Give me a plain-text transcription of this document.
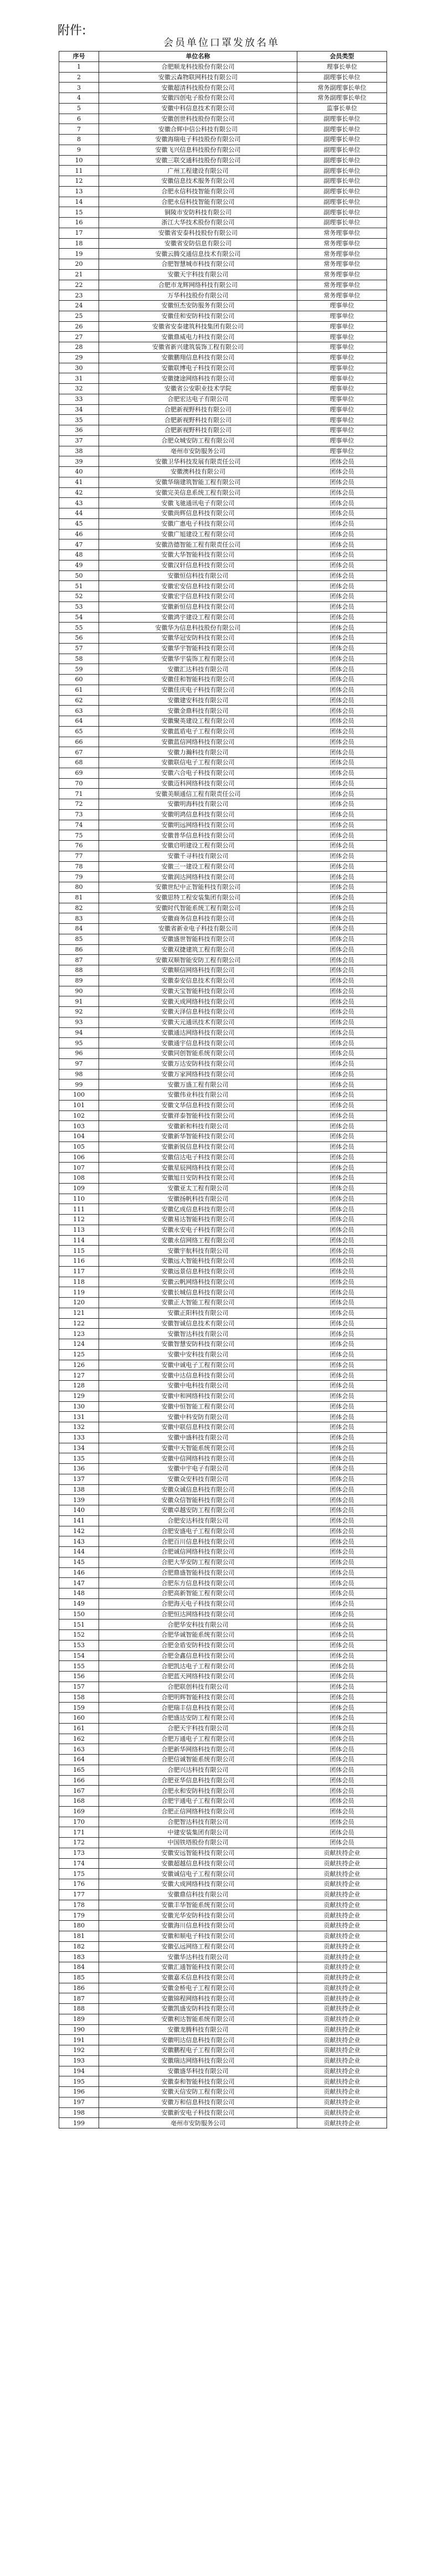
附件:
会员单位口罩发放名单
序号	单位名称	会员类型
1	合肥顺龙科技股份有限公司	理事长单位
2	安徽云森物联网科技有限公司	副理事长单位
3	安徽超清科技股份有限公司	常务副理事长单位
4	安徽四创电子股份有限公司	常务副理事长单位
5	安徽中科信息技术有限公司	监事长单位
6	安徽创世科技股份有限公司	副理事长单位
7	安徽合辉中信公科技有限公司	副理事长单位
8	安徽海瑞电子科技股份有限公司	副理事长单位
9	安徽飞兴信息科技股份有限公司	副理事长单位
10	安徽三联交通科技股份有限公司	副理事长单位
11	广州工程建设有限公司	副理事长单位
12	安徽信息技术服务有限公司	副理事长单位
13	合肥永信科技智能有限公司	副理事长单位
14	合肥永信科技智能有限公司	副理事长单位
15	铜陵市安防科技有限公司	副理事长单位
16	浙江大华技术股份有限公司	副理事长单位
17	安徽省安泰科技股份有限公司	常务理事单位
18	安徽省安防信息有限公司	常务理事单位
19	安徽云腾交通信息技术有限公司	常务理事单位
20	合肥智慧城市科技有限公司	常务理事单位
21	安徽天宇科技有限公司	常务理事单位
22	合肥市龙辉网络科技有限公司	常务理事单位
23	万华科技股份有限公司	常务理事单位
24	安徽恒杰安防服务有限公司	理事单位
25	安徽佳和安防科技有限公司	理事单位
26	安徽省安泰建筑科技集团有限公司	理事单位
27	安徽鼎威电力科技有限公司	理事单位
28	安徽省新兴建筑装饰工程有限公司	理事单位
29	安徽鹏翔信息科技有限公司	理事单位
30	安徽联博电子科技有限公司	理事单位
31	安徽捷途网络科技有限公司	理事单位
32	安徽省公安职业技术学院	理事单位
33	合肥宏达电子有限公司	理事单位
34	合肥新视野科技有限公司	理事单位
35	合肥新视野科技有限公司	理事单位
36	合肥新视野科技有限公司	理事单位
37	合肥众城安防工程有限公司	理事单位
38	亳州市安防服务公司	理事单位
39	安徽卫华科技发展有限责任公司	团体会员
40	安徽澳科技有限公司	团体会员
41	安徽华瑞建筑智能工程有限公司	团体会员
42	安徽完美信息系统工程有限公司	团体会员
43	安徽飞驰通讯电子有限公司	团体会员
44	安徽尚辉信息科技有限公司	团体会员
45	安徽广惠电子科技有限公司	团体会员
46	安徽广旭建设工程有限公司	团体会员
47	安徽浩德智能工程有限责任公司	团体会员
48	安徽大华智能科技有限公司	团体会员
49	安徽汉轩信息科技有限公司	团体会员
50	安徽恒信科技有限公司	团体会员
51	安徽宏安信息科技有限公司	团体会员
52	安徽宏宇信息科技有限公司	团体会员
53	安徽新恒信息科技有限公司	团体会员
54	安徽鸿宇建设工程有限公司	团体会员
55	安徽华为信息科技股份有限公司	团体会员
56	安徽华冠安防科技有限公司	团体会员
57	安徽华宇智能科技有限公司	团体会员
58	安徽华宇装饰工程有限公司	团体会员
59	安徽汇达科技有限公司	团体会员
60	安徽佳和智能科技有限公司	团体会员
61	安徽佳庆电子科技有限公司	团体会员
62	安徽建安科技有限公司	团体会员
63	安徽金鼎科技有限公司	团体会员
64	安徽聚英建设工程有限公司	团体会员
65	安徽蓝盾电子工程有限公司	团体会员
66	安徽蓝信网络科技有限公司	团体会员
67	安徽力瀚科技有限公司	团体会员
68	安徽联信电子工程有限公司	团体会员
69	安徽六合电子科技有限公司	团体会员
70	安徽迈科网络科技有限公司	团体会员
71	安徽美顺通信工程有限责任公司	团体会员
72	安徽明海科技有限公司	团体会员
73	安徽明鸿信息科技有限公司	团体会员
74	安徽明远网络科技有限公司	团体会员
75	安徽普华信息科技有限公司	团体会员
76	安徽启明建设工程有限公司	团体会员
77	安徽千寻科技有限公司	团体会员
78	安徽三一建设工程有限公司	团体会员
79	安徽润达网络科技有限公司	团体会员
80	安徽世纪中正智能科技有限公司	团体会员
81	安徽思特工程安装集团有限公司	团体会员
82	安徽时代智能系统工程有限公司	团体会员
83	安徽商务信息科技有限公司	团体会员
84	安徽省新业电子科技有限公司	团体会员
85	安徽盛世智能科技有限公司	团体会员
86	安徽双捷建筑工程有限公司	团体会员
87	安徽双顺智能安防工程有限公司	团体会员
88	安徽顺信网络科技有限公司	团体会员
89	安徽泰安信息技术有限公司	团体会员
90	安徽天宝智能科技有限公司	团体会员
91	安徽天成网络科技有限公司	团体会员
92	安徽天泽信息科技有限公司	团体会员
93	安徽天元通讯技术有限公司	团体会员
94	安徽通达网络科技有限公司	团体会员
95	安徽通宇信息科技有限公司	团体会员
96	安徽同创智能系统有限公司	团体会员
97	安徽万达安防科技有限公司	团体会员
98	安徽万家网络科技有限公司	团体会员
99	安徽万盛工程有限公司	团体会员
100	安徽伟业科技有限公司	团体会员
101	安徽文华信息科技有限公司	团体会员
102	安徽祥泰智能科技有限公司	团体会员
103	安徽新和科技有限公司	团体会员
104	安徽新华智能科技有限公司	团体会员
105	安徽新锐信息科技有限公司	团体会员
106	安徽信达电子科技有限公司	团体会员
107	安徽星辰网络科技有限公司	团体会员
108	安徽旭日安防科技有限公司	团体会员
109	安徽亚太工程有限公司	团体会员
110	安徽扬帆科技有限公司	团体会员
111	安徽亿成信息科技有限公司	团体会员
112	安徽易达智能科技有限公司	团体会员
113	安徽永安电子科技有限公司	团体会员
114	安徽永信网络工程有限公司	团体会员
115	安徽宇航科技有限公司	团体会员
116	安徽远大智能科技有限公司	团体会员
117	安徽远景信息科技有限公司	团体会员
118	安徽云帆网络科技有限公司	团体会员
119	安徽长城信息科技有限公司	团体会员
120	安徽正大智能工程有限公司	团体会员
121	安徽正阳科技有限公司	团体会员
122	安徽智诚信息技术有限公司	团体会员
123	安徽智达科技有限公司	团体会员
124	安徽智慧安防科技有限公司	团体会员
125	安徽中安科技有限公司	团体会员
126	安徽中诚电子工程有限公司	团体会员
127	安徽中达信息科技有限公司	团体会员
128	安徽中电科技有限公司	团体会员
129	安徽中和网络科技有限公司	团体会员
130	安徽中恒智能工程有限公司	团体会员
131	安徽中科安防有限公司	团体会员
132	安徽中联信息科技有限公司	团体会员
133	安徽中盛科技有限公司	团体会员
134	安徽中天智能系统有限公司	团体会员
135	安徽中信网络科技有限公司	团体会员
136	安徽中宇电子有限公司	团体会员
137	安徽众安科技有限公司	团体会员
138	安徽众诚信息科技有限公司	团体会员
139	安徽众信智能科技有限公司	团体会员
140	安徽卓越安防工程有限公司	团体会员
141	合肥安达科技有限公司	团体会员
142	合肥安盛电子工程有限公司	团体会员
143	合肥百川信息科技有限公司	团体会员
144	合肥诚信网络科技有限公司	团体会员
145	合肥大华安防工程有限公司	团体会员
146	合肥鼎盛智能科技有限公司	团体会员
147	合肥东方信息科技有限公司	团体会员
148	合肥高新智能工程有限公司	团体会员
149	合肥海天电子科技有限公司	团体会员
150	合肥恒达网络科技有限公司	团体会员
151	合肥华安科技有限公司	团体会员
152	合肥华诚智能系统有限公司	团体会员
153	合肥金盾安防科技有限公司	团体会员
154	合肥金鑫信息科技有限公司	团体会员
155	合肥凯达电子工程有限公司	团体会员
156	合肥蓝天网络科技有限公司	团体会员
157	合肥联创科技有限公司	团体会员
158	合肥明辉智能科技有限公司	团体会员
159	合肥瑞丰信息科技有限公司	团体会员
160	合肥盛达安防工程有限公司	团体会员
161	合肥天宇科技有限公司	团体会员
162	合肥万通电子工程有限公司	团体会员
163	合肥新华网络科技有限公司	团体会员
164	合肥信诚智能系统有限公司	团体会员
165	合肥兴达科技有限公司	团体会员
166	合肥亚华信息科技有限公司	团体会员
167	合肥永和安防科技有限公司	团体会员
168	合肥宇通电子工程有限公司	团体会员
169	合肥正信网络科技有限公司	团体会员
170	合肥智达科技有限公司	团体会员
171	中建安装集团有限公司	团体会员
172	中国铁塔股份有限公司	团体会员
173	安徽安远智能科技有限公司	贡献扶持企业
174	安徽超越信息科技有限公司	贡献扶持企业
175	安徽诚信电子工程有限公司	贡献扶持企业
176	安徽大成网络科技有限公司	贡献扶持企业
177	安徽鼎信科技有限公司	贡献扶持企业
178	安徽丰华智能系统有限公司	贡献扶持企业
179	安徽光华安防科技有限公司	贡献扶持企业
180	安徽海川信息科技有限公司	贡献扶持企业
181	安徽和顺电子科技有限公司	贡献扶持企业
182	安徽弘远网络工程有限公司	贡献扶持企业
183	安徽华达科技有限公司	贡献扶持企业
184	安徽汇通智能科技有限公司	贡献扶持企业
185	安徽嘉禾信息科技有限公司	贡献扶持企业
186	安徽金桥电子工程有限公司	贡献扶持企业
187	安徽锦程网络科技有限公司	贡献扶持企业
188	安徽凯盛安防科技有限公司	贡献扶持企业
189	安徽利达智能系统有限公司	贡献扶持企业
190	安徽龙腾科技有限公司	贡献扶持企业
191	安徽明达信息科技有限公司	贡献扶持企业
192	安徽鹏程电子工程有限公司	贡献扶持企业
193	安徽瑞达网络科技有限公司	贡献扶持企业
194	安徽盛华科技有限公司	贡献扶持企业
195	安徽泰和智能科技有限公司	贡献扶持企业
196	安徽天信安防工程有限公司	贡献扶持企业
197	安徽万和信息科技有限公司	贡献扶持企业
198	安徽新安电子科技有限公司	贡献扶持企业
199	亳州市安防服务公司	贡献扶持企业
